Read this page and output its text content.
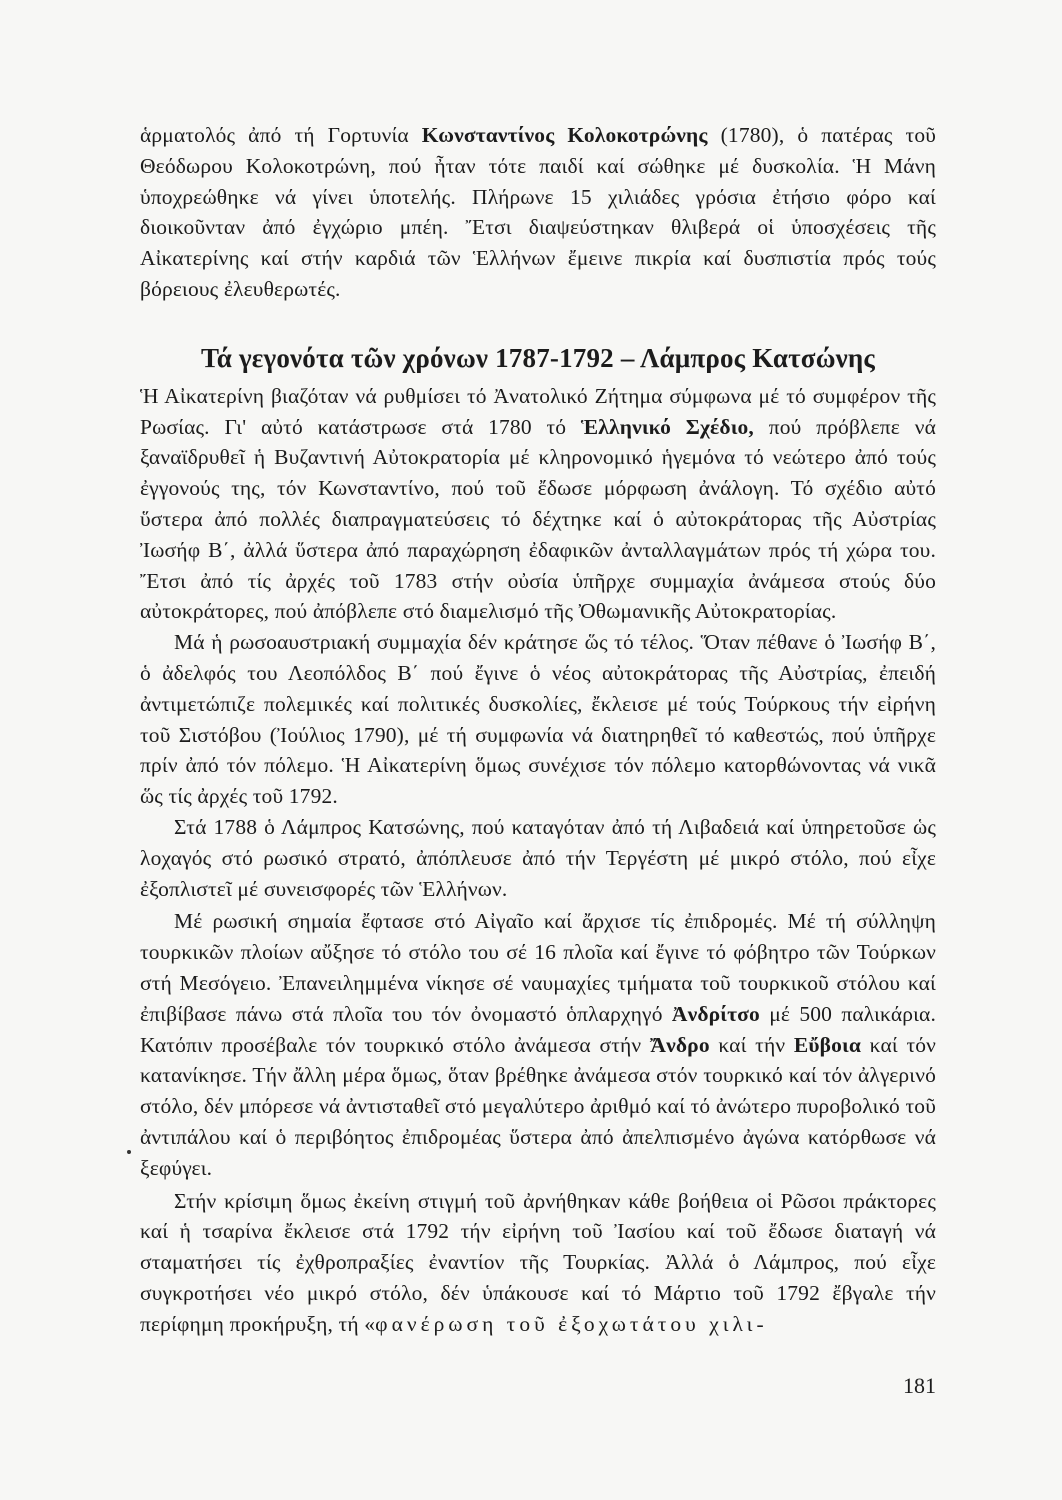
ἁρματολός ἀπό τή Γορτυνία Κωνσταντίνος Κολοκοτρώνης (1780), ὁ πατέρας τοῦ Θεόδωρου Κολοκοτρώνη, πού ἦταν τότε παιδί καί σώθηκε μέ δυσκολία. Ἡ Μάνη ὑποχρεώθηκε νά γίνει ὑποτελής. Πλήρωνε 15 χιλιάδες γρόσια ἐτήσιο φόρο καί διοικοῦνταν ἀπό ἐγχώριο μπέη. Ἔτσι διαψεύστηκαν θλιβερά οἱ ὑποσχέσεις τῆς Αἰκατερίνης καί στήν καρδιά τῶν Ἑλλήνων ἔμεινε πικρία καί δυσπιστία πρός τούς βόρειους ἐλευθερωτές.

Τά γεγονότα τῶν χρόνων 1787-1792 – Λάμπρος Κατσώνης

Ἡ Αἰκατερίνη βιαζόταν νά ρυθμίσει τό Ἀνατολικό Ζήτημα σύμφωνα μέ τό συμφέρον τῆς Ρωσίας. Γι' αὐτό κατάστρωσε στά 1780 τό Ἑλληνικό Σχέδιο, πού πρόβλεπε νά ξαναϊδρυθεῖ ἡ Βυζαντινή Αὐτοκρατορία μέ κληρονομικό ἡγεμόνα τό νεώτερο ἀπό τούς ἐγγονούς της, τόν Κωνσταντίνο, πού τοῦ ἔδωσε μόρφωση ἀνάλογη. Τό σχέδιο αὐτό ὕστερα ἀπό πολλές διαπραγματεύσεις τό δέχτηκε καί ὁ αὐτοκράτορας τῆς Αὐστρίας Ἰωσήφ Β΄, ἀλλά ὕστερα ἀπό παραχώρηση ἐδαφικῶν ἀνταλλαγμάτων πρός τή χώρα του. Ἔτσι ἀπό τίς ἀρχές τοῦ 1783 στήν οὐσία ὑπῆρχε συμμαχία ἀνάμεσα στούς δύο αὐτοκράτορες, πού ἀπόβλεπε στό διαμελισμό τῆς Ὀθωμανικῆς Αὐτοκρατορίας.

Μά ἡ ρωσοαυστριακή συμμαχία δέν κράτησε ὥς τό τέλος. Ὅταν πέθανε ὁ Ἰωσήφ Β΄, ὁ ἀδελφός του Λεοπόλδος Β΄ πού ἔγινε ὁ νέος αὐτοκράτορας τῆς Αὐστρίας, ἐπειδή ἀντιμετώπιζε πολεμικές καί πολιτικές δυσκολίες, ἔκλεισε μέ τούς Τούρκους τήν εἰρήνη τοῦ Σιστόβου (Ἰούλιος 1790), μέ τή συμφωνία νά διατηρηθεῖ τό καθεστώς, πού ὑπῆρχε πρίν ἀπό τόν πόλεμο. Ἡ Αἰκατερίνη ὅμως συνέχισε τόν πόλεμο κατορθώνοντας νά νικᾶ ὥς τίς ἀρχές τοῦ 1792.

Στά 1788 ὁ Λάμπρος Κατσώνης, πού καταγόταν ἀπό τή Λιβαδειά καί ὑπηρετοῦσε ὡς λοχαγός στό ρωσικό στρατό, ἀπόπλευσε ἀπό τήν Τεργέστη μέ μικρό στόλο, πού εἶχε ἐξοπλιστεῖ μέ συνεισφορές τῶν Ἑλλήνων.

Μέ ρωσική σημαία ἔφτασε στό Αἰγαῖο καί ἄρχισε τίς ἐπιδρομές. Μέ τή σύλληψη τουρκικῶν πλοίων αὔξησε τό στόλο του σέ 16 πλοῖα καί ἔγινε τό φόβητρο τῶν Τούρκων στή Μεσόγειο. Ἐπανειλημμένα νίκησε σέ ναυμαχίες τμήματα τοῦ τουρκικοῦ στόλου καί ἐπιβίβασε πάνω στά πλοῖα του τόν ὀνομαστό ὁπλαρχηγό Ἀνδρίτσο μέ 500 παλικάρια. Κατόπιν προσέβαλε τόν τουρκικό στόλο ἀνάμεσα στήν Ἄνδρο καί τήν Εὔβοια καί τόν κατανίκησε. Τήν ἄλλη μέρα ὅμως, ὅταν βρέθηκε ἀνάμεσα στόν τουρκικό καί τόν ἀλγερινό στόλο, δέν μπόρεσε νά ἀντισταθεῖ στό μεγαλύτερο ἀριθμό καί τό ἀνώτερο πυροβολικό τοῦ ἀντιπάλου καί ὁ περιβόητος ἐπιδρομέας ὕστερα ἀπό ἀπελπισμένο ἀγώνα κατόρθωσε νά ξεφύγει.

Στήν κρίσιμη ὅμως ἐκείνη στιγμή τοῦ ἀρνήθηκαν κάθε βοήθεια οἱ Ρῶσοι πράκτορες καί ἡ τσαρίνα ἔκλεισε στά 1792 τήν εἰρήνη τοῦ Ἰασίου καί τοῦ ἔδωσε διαταγή νά σταματήσει τίς ἐχθροπραξίες ἐναντίον τῆς Τουρκίας. Ἀλλά ὁ Λάμπρος, πού εἶχε συγκροτήσει νέο μικρό στόλο, δέν ὑπάκουσε καί τό Μάρτιο τοῦ 1792 ἔβγαλε τήν περίφημη προκήρυξη, τή «φανέρωση τοῦ ἐξοχωτάτου χιλι-

181
